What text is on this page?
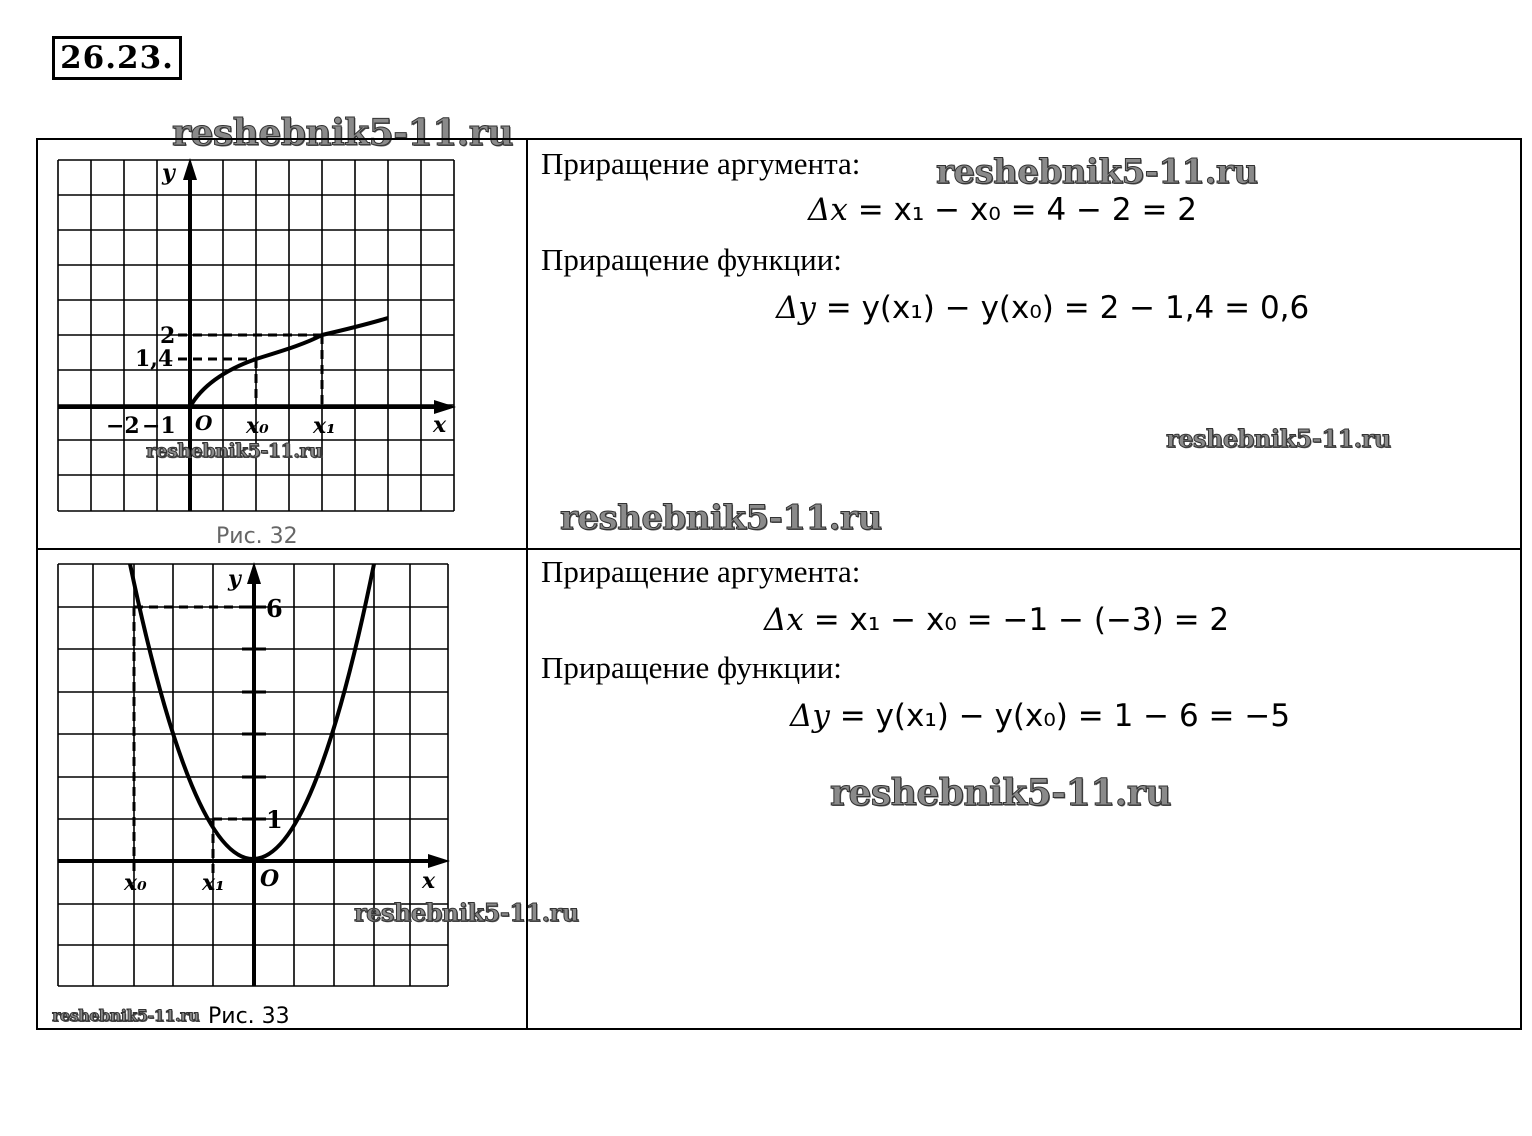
26.23.
reshebnik5-11.ru
y
x
O
−2 −1
2
1,4
x₀ x₁
reshebnik5-11.ru
Рис. 32
Приращение аргумента:
Δx = x₁ − x₀ = 4 − 2 = 2
Приращение функции:
Δy = y(x₁) − y(x₀) = 2 − 1,4 = 0,6
reshebnik5-11.ru
reshebnik5-11.ru
reshebnik5-11.ru
y
x
O
6
1
x₀	x₁
reshebnik5-11.ru
reshebnik5-11.ru Рис. 33
Приращение аргумента:
Δx = x₁ − x₀ = −1 − (−3) = 2
Приращение функции:
Δy = y(x₁) − y(x₀) = 1 − 6 = −5
reshebnik5-11.ru
